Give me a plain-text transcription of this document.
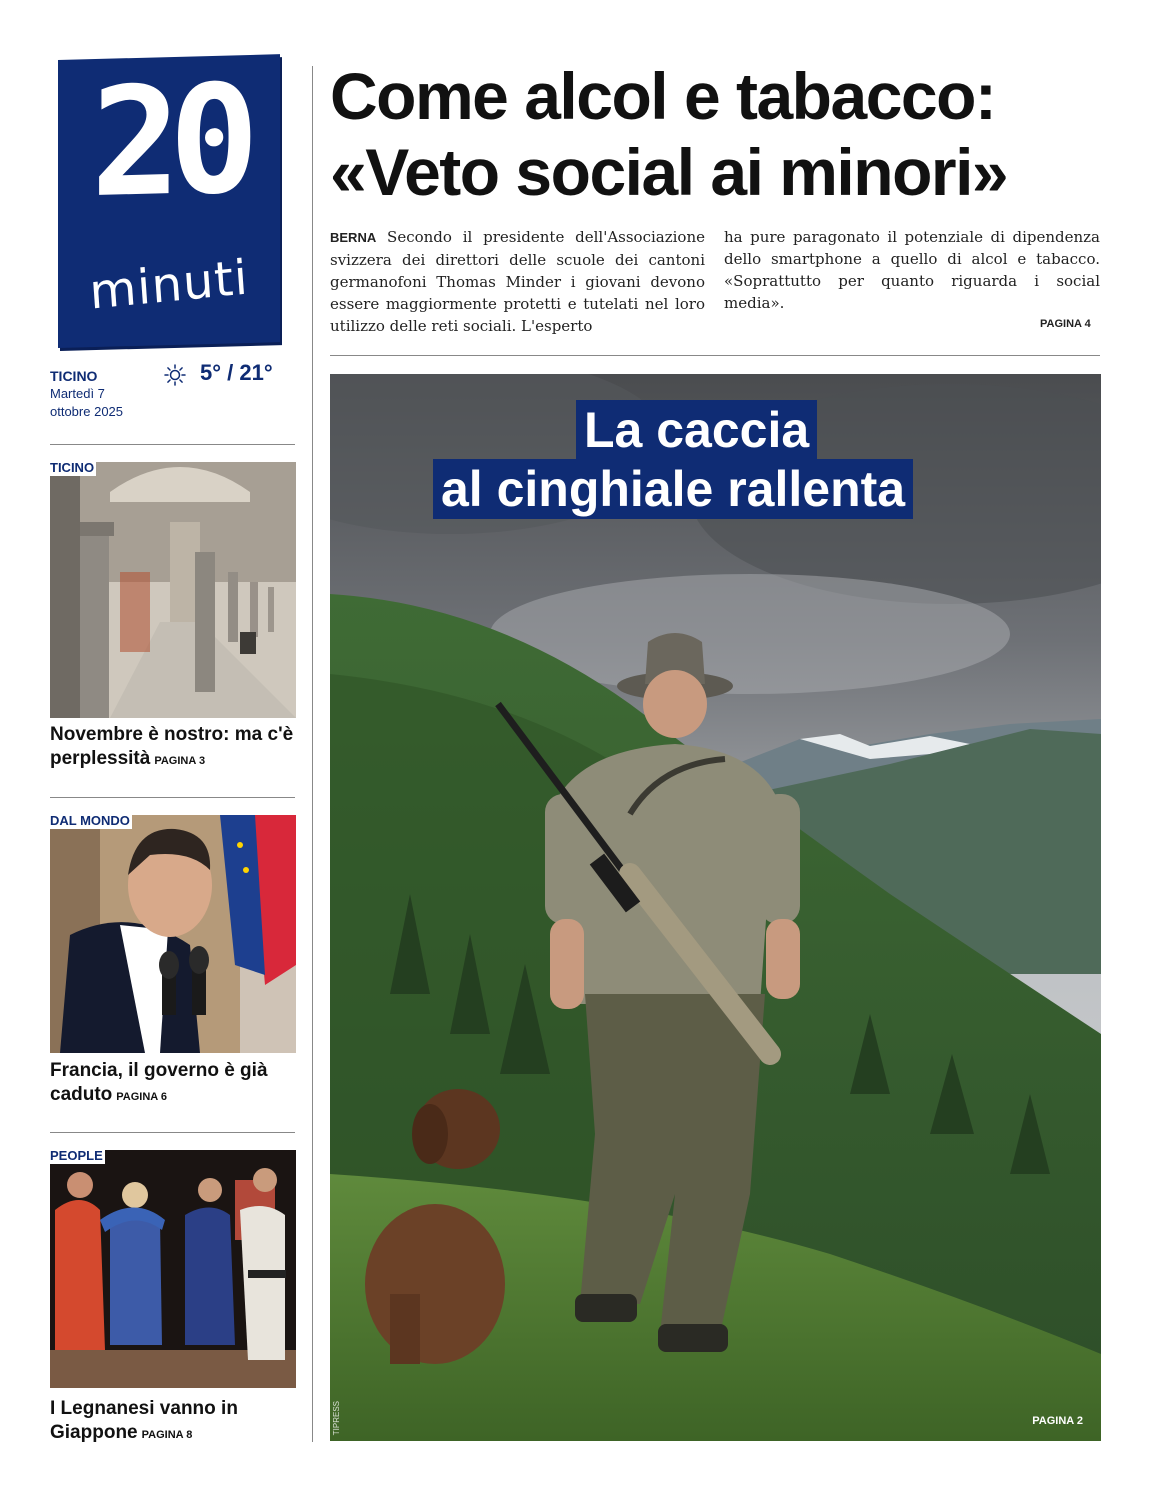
20
minuti
TICINO
Martedì 7
ottobre 2025
5° / 21°
TICINO
Novembre è nostro: ma c'è perplessità PAGINA 3
DAL MONDO
Francia, il governo è già caduto PAGINA 6
PEOPLE
I Legnanesi vanno in Giappone PAGINA 8
Come alcol e tabacco:
«Veto social ai minori»
BERNA Secondo il presidente dell'Associazione svizzera dei direttori delle scuole dei cantoni germanofoni Thomas Minder i giovani devono essere maggiormente protetti e tutelati nel loro utilizzo delle reti sociali. L'esperto
ha pure paragonato il potenziale di dipendenza dello smartphone a quello di alcol e tabacco. «Soprattutto per quanto riguarda i social media».
PAGINA 4
La caccia
al cinghiale rallenta
TIPRESS	PAGINA 2
